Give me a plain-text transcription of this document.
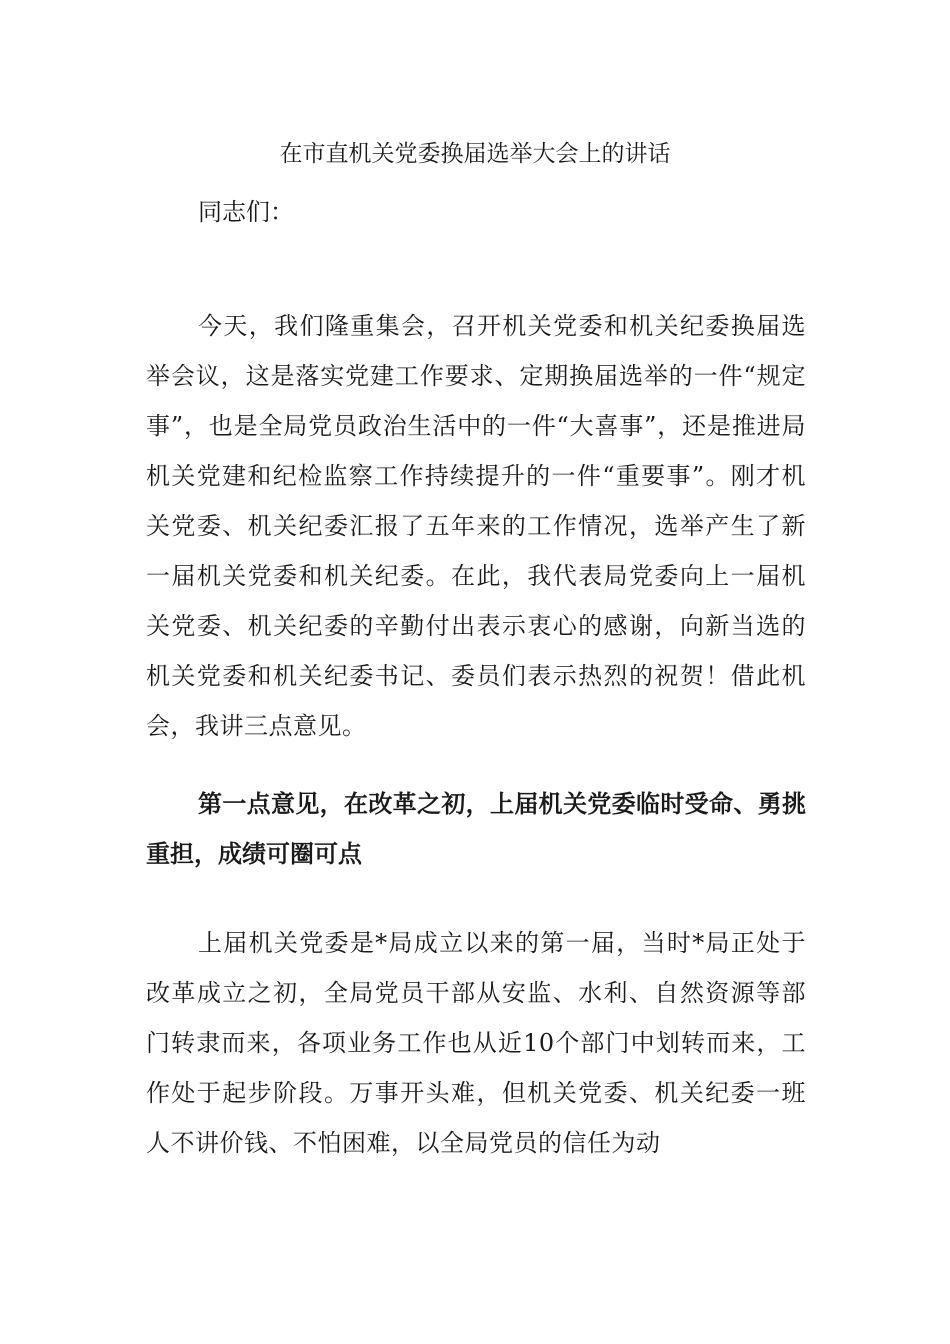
在市直机关党委换届选举大会上的讲话

同志们：

今天，我们隆重集会，召开机关党委和机关纪委换届选举会议，这是落实党建工作要求、定期换届选举的一件“规定事”，也是全局党员政治生活中的一件“大喜事”，还是推进局机关党建和纪检监察工作持续提升的一件“重要事”。刚才机关党委、机关纪委汇报了五年来的工作情况，选举产生了新一届机关党委和机关纪委。在此，我代表局党委向上一届机关党委、机关纪委的辛勤付出表示衷心的感谢，向新当选的机关党委和机关纪委书记、委员们表示热烈的祝贺！借此机会，我讲三点意见。

第一点意见，在改革之初，上届机关党委临时受命、勇挑重担，成绩可圈可点

上届机关党委是*局成立以来的第一届，当时*局正处于改革成立之初，全局党员干部从安监、水利、自然资源等部门转隶而来，各项业务工作也从近10个部门中划转而来，工作处于起步阶段。万事开头难，但机关党委、机关纪委一班人不讲价钱、不怕困难，以全局党员的信任为动
